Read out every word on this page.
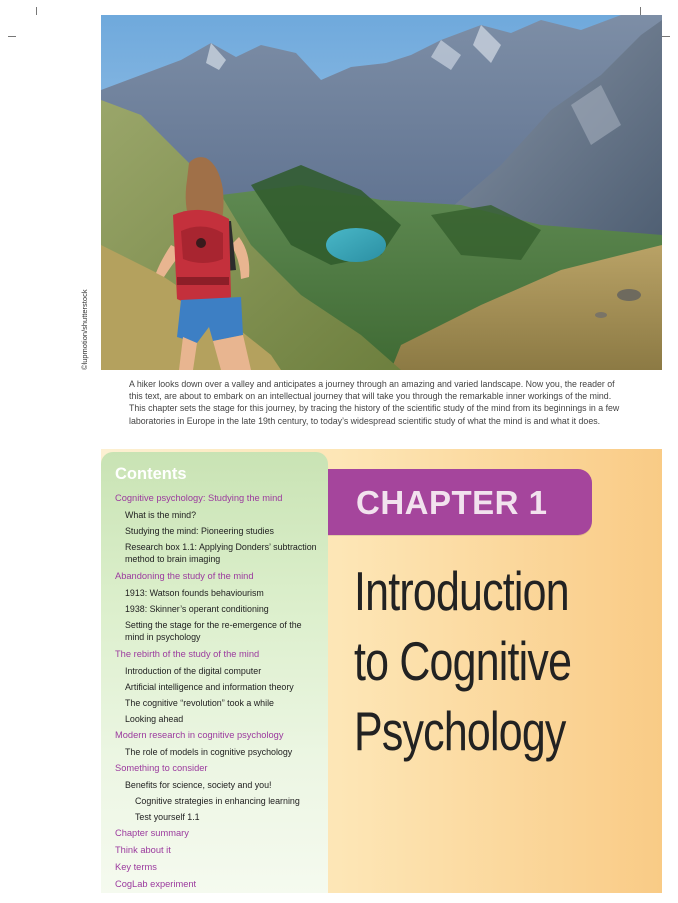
©lupmotion/shutterstock

A hiker looks down over a valley and anticipates a journey through an amazing and varied landscape. Now you, the reader of this text, are about to embark on an intellectual journey that will take you through the remarkable inner workings of the mind. This chapter sets the stage for this journey, by tracing the history of the scientific study of the mind from its beginnings in a few laboratories in Europe in the late 19th century, to today’s widespread scientific study of what the mind is and what it does.

Contents
Cognitive psychology: Studying the mind
What is the mind?
Studying the mind: Pioneering studies
Research box 1.1: Applying Donders’ subtraction method to brain imaging
Abandoning the study of the mind
1913: Watson founds behaviourism
1938: Skinner’s operant conditioning
Setting the stage for the re-emergence of the mind in psychology
The rebirth of the study of the mind
Introduction of the digital computer
Artificial intelligence and information theory
The cognitive “revolution” took a while
Looking ahead
Modern research in cognitive psychology
The role of models in cognitive psychology
Something to consider
Benefits for science, society and you!
Cognitive strategies in enhancing learning
Test yourself 1.1
Chapter summary
Think about it
Key terms
CogLab experiment
CHAPTER 1
Introduction
to Cognitive
Psychology
